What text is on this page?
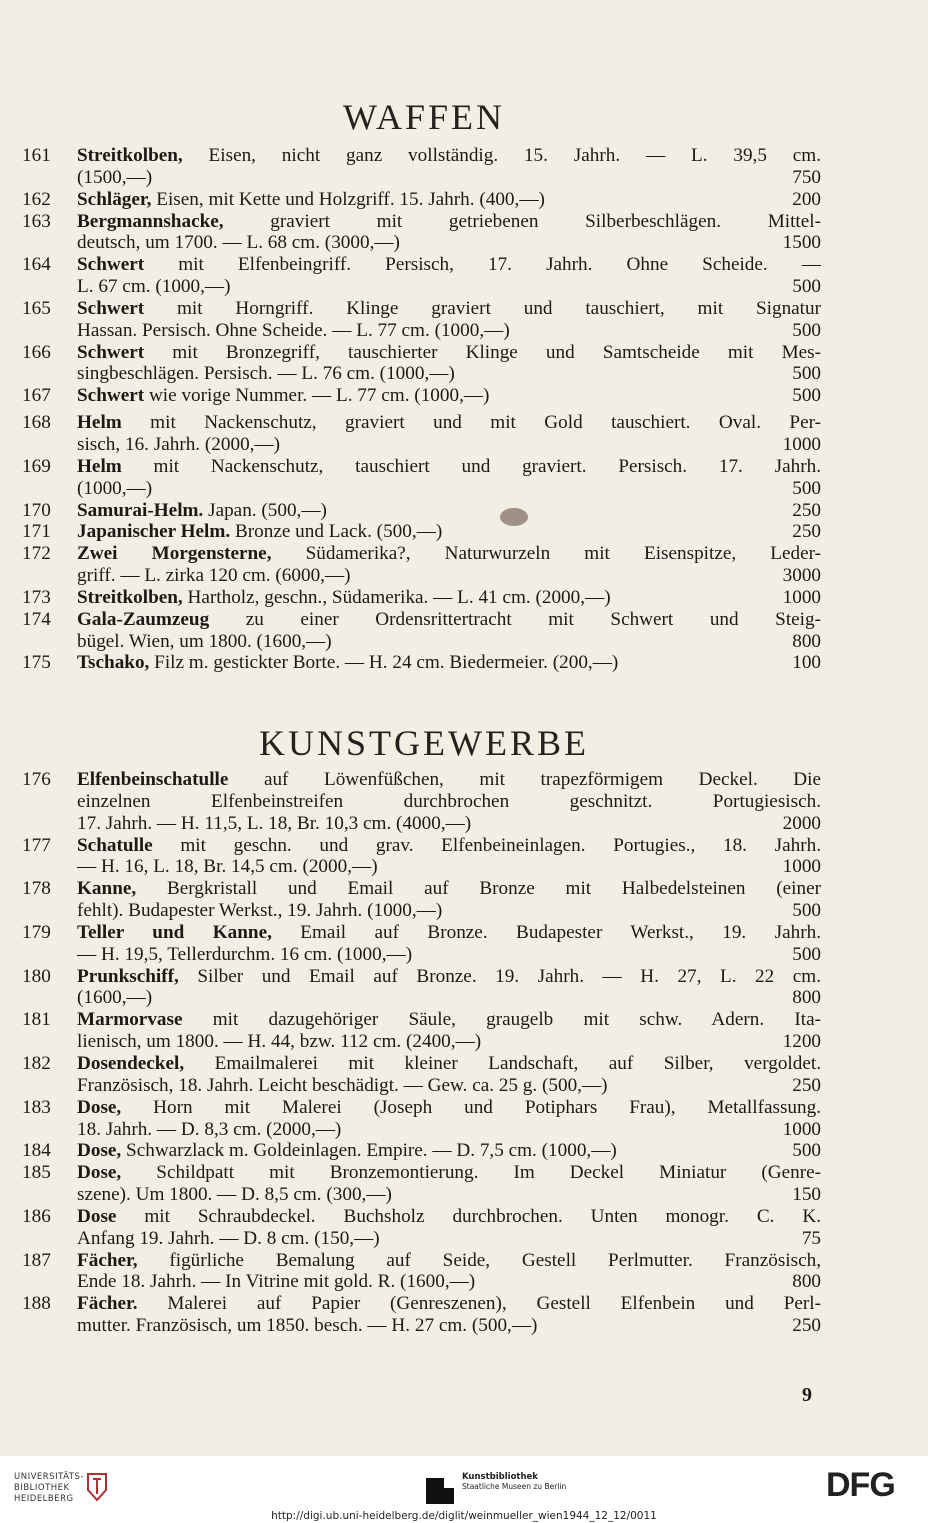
WAFFEN
161	Streitkolben, Eisen, nicht ganz vollständig. 15. Jahrh. — L. 39,5 cm.
(1500,—)	750
162	Schläger, Eisen, mit Kette und Holzgriff. 15. Jahrh. (400,—)	200
163	Bergmannshacke, graviert mit getriebenen Silberbeschlägen. Mittel-
deutsch, um 1700. — L. 68 cm. (3000,—)	1500
164	Schwert mit Elfenbeingriff. Persisch, 17. Jahrh. Ohne Scheide. —
L. 67 cm. (1000,—)	500
165	Schwert mit Horngriff. Klinge graviert und tauschiert, mit Signatur
Hassan. Persisch. Ohne Scheide. — L. 77 cm. (1000,—)	500
166	Schwert mit Bronzegriff, tauschierter Klinge und Samtscheide mit Mes-
singbeschlägen. Persisch. — L. 76 cm. (1000,—)	500
167	Schwert wie vorige Nummer. — L. 77 cm. (1000,—)	500
168	Helm mit Nackenschutz, graviert und mit Gold tauschiert. Oval. Per-
sisch, 16. Jahrh. (2000,—)	1000
169	Helm mit Nackenschutz, tauschiert und graviert. Persisch. 17. Jahrh.
(1000,—)	500
170	Samurai-Helm. Japan. (500,—)	250
171	Japanischer Helm. Bronze und Lack. (500,—)	250
172	Zwei Morgensterne, Südamerika?, Naturwurzeln mit Eisenspitze, Leder-
griff. — L. zirka 120 cm. (6000,—)	3000
173	Streitkolben, Hartholz, geschn., Südamerika. — L. 41 cm. (2000,—)	1000
174	Gala-Zaumzeug zu einer Ordensrittertracht mit Schwert und Steig-
bügel. Wien, um 1800. (1600,—)	800
175	Tschako, Filz m. gestickter Borte. — H. 24 cm. Biedermeier. (200,—)	100
KUNSTGEWERBE
176	Elfenbeinschatulle auf Löwenfüßchen, mit trapezförmigem Deckel. Die
einzelnen Elfenbeinstreifen durchbrochen geschnitzt. Portugiesisch.
17. Jahrh. — H. 11,5, L. 18, Br. 10,3 cm. (4000,—)	2000
177	Schatulle mit geschn. und grav. Elfenbeineinlagen. Portugies., 18. Jahrh.
— H. 16, L. 18, Br. 14,5 cm. (2000,—)	1000
178	Kanne, Bergkristall und Email auf Bronze mit Halbedelsteinen (einer
fehlt). Budapester Werkst., 19. Jahrh. (1000,—)	500
179	Teller und Kanne, Email auf Bronze. Budapester Werkst., 19. Jahrh.
— H. 19,5, Tellerdurchm. 16 cm. (1000,—)	500
180	Prunkschiff, Silber und Email auf Bronze. 19. Jahrh. — H. 27, L. 22 cm.
(1600,—)	800
181	Marmorvase mit dazugehöriger Säule, graugelb mit schw. Adern. Ita-
lienisch, um 1800. — H. 44, bzw. 112 cm. (2400,—)	1200
182	Dosendeckel, Emailmalerei mit kleiner Landschaft, auf Silber, vergoldet.
Französisch, 18. Jahrh. Leicht beschädigt. — Gew. ca. 25 g. (500,—)	250
183	Dose, Horn mit Malerei (Joseph und Potiphars Frau), Metallfassung.
18. Jahrh. — D. 8,3 cm. (2000,—)	1000
184	Dose, Schwarzlack m. Goldeinlagen. Empire. — D. 7,5 cm. (1000,—)	500
185	Dose, Schildpatt mit Bronzemontierung. Im Deckel Miniatur (Genre-
szene). Um 1800. — D. 8,5 cm. (300,—)	150
186	Dose mit Schraubdeckel. Buchsholz durchbrochen. Unten monogr. C. K.
Anfang 19. Jahrh. — D. 8 cm. (150,—)	75
187	Fächer, figürliche Bemalung auf Seide, Gestell Perlmutter. Französisch,
Ende 18. Jahrh. — In Vitrine mit gold. R. (1600,—)	800
188	Fächer. Malerei auf Papier (Genreszenen), Gestell Elfenbein und Perl-
mutter. Französisch, um 1850. besch. — H. 27 cm. (500,—)	250
9
UNIVERSITÄTS-
BIBLIOTHEK
HEIDELBERG
Kunstbibliothek
Staatliche Museen zu Berlin	DFG
http://digi.ub.uni-heidelberg.de/diglit/weinmueller_wien1944_12_12/0011
